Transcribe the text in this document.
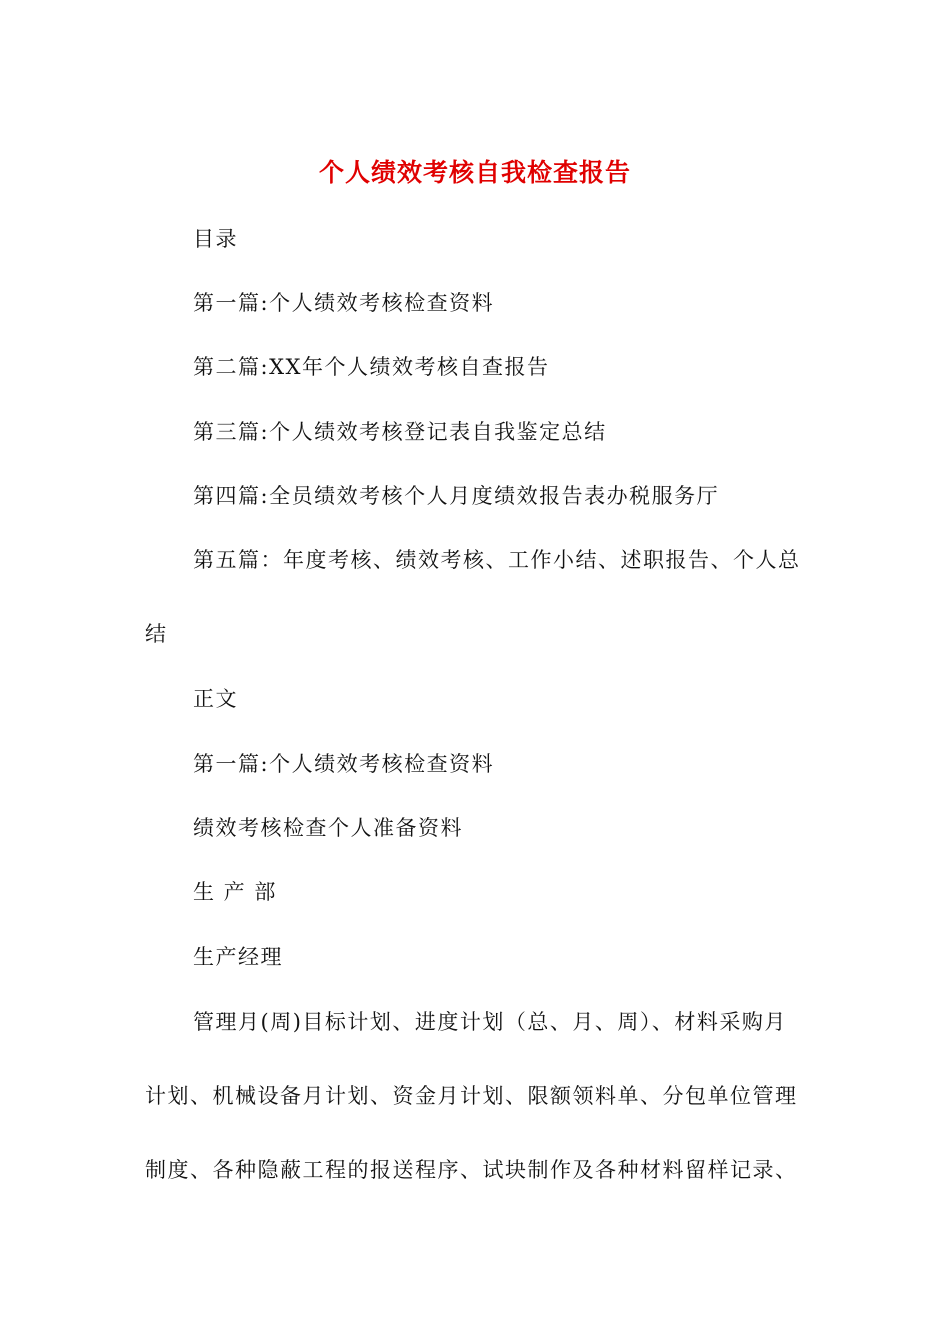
个人绩效考核自我检查报告
目录
第一篇:个人绩效考核检查资料
第二篇:XX年个人绩效考核自查报告
第三篇:个人绩效考核登记表自我鉴定总结
第四篇:全员绩效考核个人月度绩效报告表办税服务厅
第五篇：年度考核、绩效考核、工作小结、述职报告、个人总
结
正文
第一篇:个人绩效考核检查资料
绩效考核检查个人准备资料
生 产 部
生产经理
管理月(周)目标计划、进度计划（总、月、周）、材料采购月
计划、机械设备月计划、资金月计划、限额领料单、分包单位管理
制度、各种隐蔽工程的报送程序、试块制作及各种材料留样记录、
